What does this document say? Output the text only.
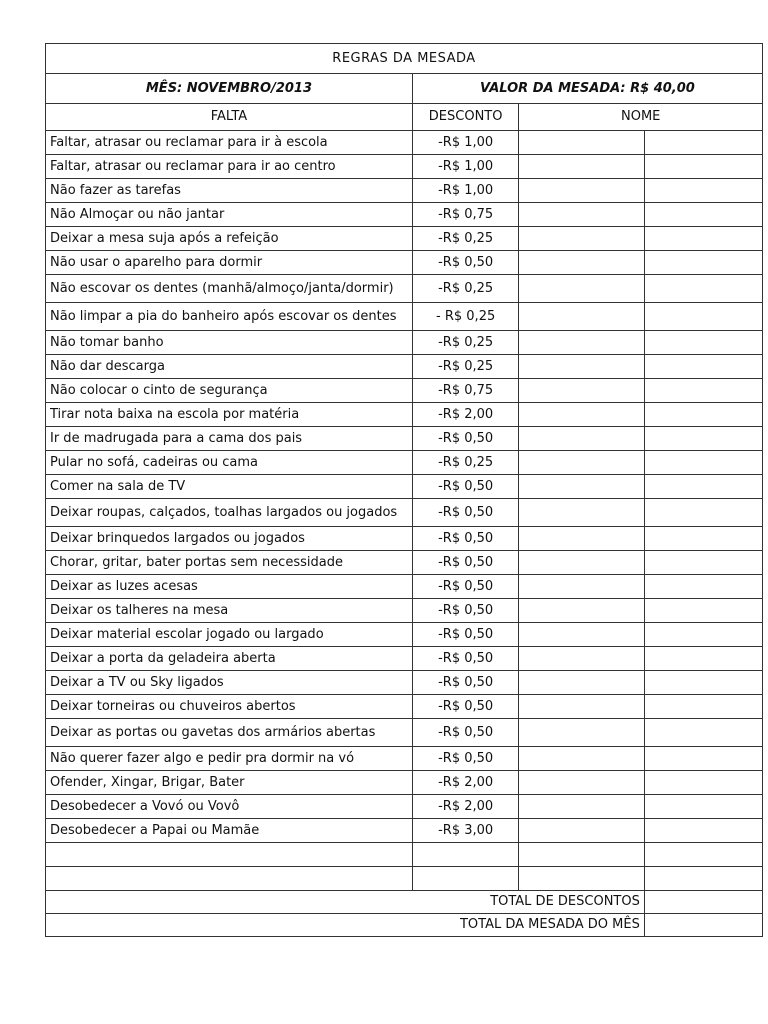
REGRAS DA MESADA			
MÊS: NOVEMBRO/2013	VALOR DA MESADA: R$ 40,00		
FALTA	DESCONTO	NOME	
Faltar, atrasar ou reclamar para ir à escola	-R$ 1,00		
Faltar, atrasar ou reclamar para ir ao centro	-R$ 1,00		
Não fazer as tarefas	-R$ 1,00		
Não Almoçar ou não jantar	-R$ 0,75		
Deixar a mesa suja após a refeição	-R$ 0,25		
Não usar o aparelho para dormir	-R$ 0,50		
Não escovar os dentes (manhã/almoço/janta/dormir)	-R$ 0,25		
Não limpar a pia do banheiro após escovar os dentes	- R$ 0,25		
Não tomar banho	-R$ 0,25		
Não dar descarga	-R$ 0,25		
Não colocar o cinto de segurança	-R$ 0,75		
Tirar nota baixa na escola por matéria	-R$ 2,00		
Ir de madrugada para a cama dos pais	-R$ 0,50		
Pular no sofá, cadeiras ou cama	-R$ 0,25		
Comer na sala de TV	-R$ 0,50		
Deixar roupas, calçados, toalhas largados ou jogados	-R$ 0,50		
Deixar brinquedos largados ou jogados	-R$ 0,50		
Chorar, gritar, bater portas sem necessidade	-R$ 0,50		
Deixar as luzes acesas	-R$ 0,50		
Deixar os talheres na mesa	-R$ 0,50		
Deixar material escolar jogado ou largado	-R$ 0,50		
Deixar a porta da geladeira aberta	-R$ 0,50		
Deixar a TV ou Sky ligados	-R$ 0,50		
Deixar torneiras ou chuveiros abertos	-R$ 0,50		
Deixar as portas ou gavetas dos armários abertas	-R$ 0,50		
Não querer fazer algo e pedir pra dormir na vó	-R$ 0,50		
Ofender, Xingar, Brigar, Bater	-R$ 2,00		
Desobedecer a Vovó ou Vovô	-R$ 2,00		
Desobedecer a Papai ou Mamãe	-R$ 3,00		

TOTAL DE DESCONTOS			
TOTAL DA MESADA DO MÊS			
